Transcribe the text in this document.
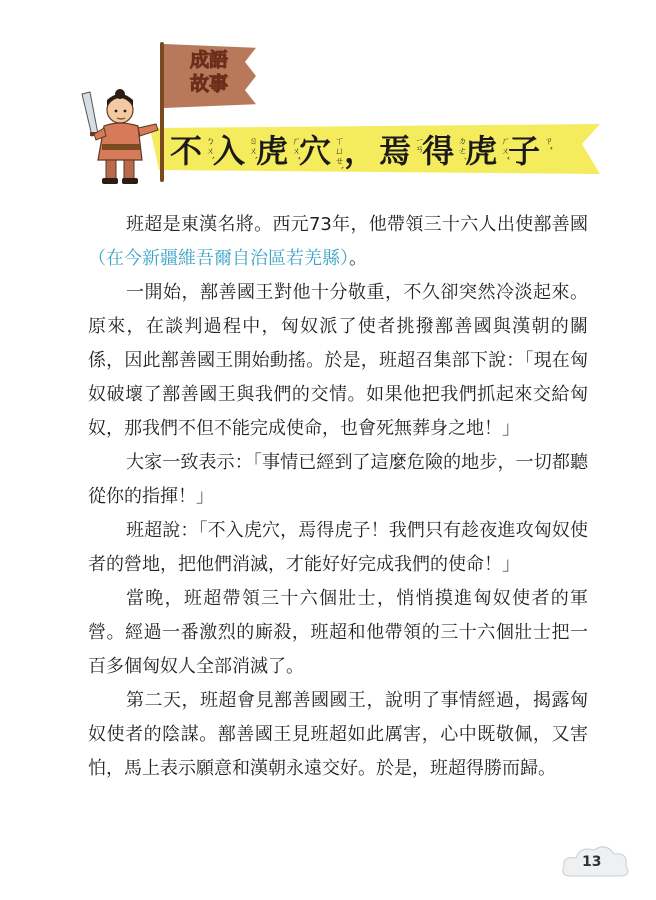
成語
故事
不 ㄅㄨˋ 入 ㄖㄨˋ 虎 ㄏㄨˇ 穴 ㄒㄩㄝˋ ， 焉 ㄧㄢ 得 ㄉㄜˊ 虎 ㄏㄨˇ 子 ㄗˇ

班超是東漢名將。西元73年，他帶領三十六人出使鄯善國（在今新疆維吾爾自治區若羌縣）。

一開始，鄯善國王對他十分敬重，不久卻突然冷淡起來。原來，在談判過程中，匈奴派了使者挑撥鄯善國與漢朝的關係，因此鄯善國王開始動搖。於是，班超召集部下說：「現在匈奴破壞了鄯善國王與我們的交情。如果他把我們抓起來交給匈奴，那我們不但不能完成使命，也會死無葬身之地！」

大家一致表示：「事情已經到了這麼危險的地步，一切都聽從你的指揮！」

班超說：「不入虎穴，焉得虎子！我們只有趁夜進攻匈奴使者的營地，把他們消滅，才能好好完成我們的使命！」

當晚，班超帶領三十六個壯士，悄悄摸進匈奴使者的軍營。經過一番激烈的廝殺，班超和他帶領的三十六個壯士把一百多個匈奴人全部消滅了。

第二天，班超會見鄯善國國王，說明了事情經過，揭露匈奴使者的陰謀。鄯善國王見班超如此厲害，心中既敬佩，又害怕，馬上表示願意和漢朝永遠交好。於是，班超得勝而歸。

13
